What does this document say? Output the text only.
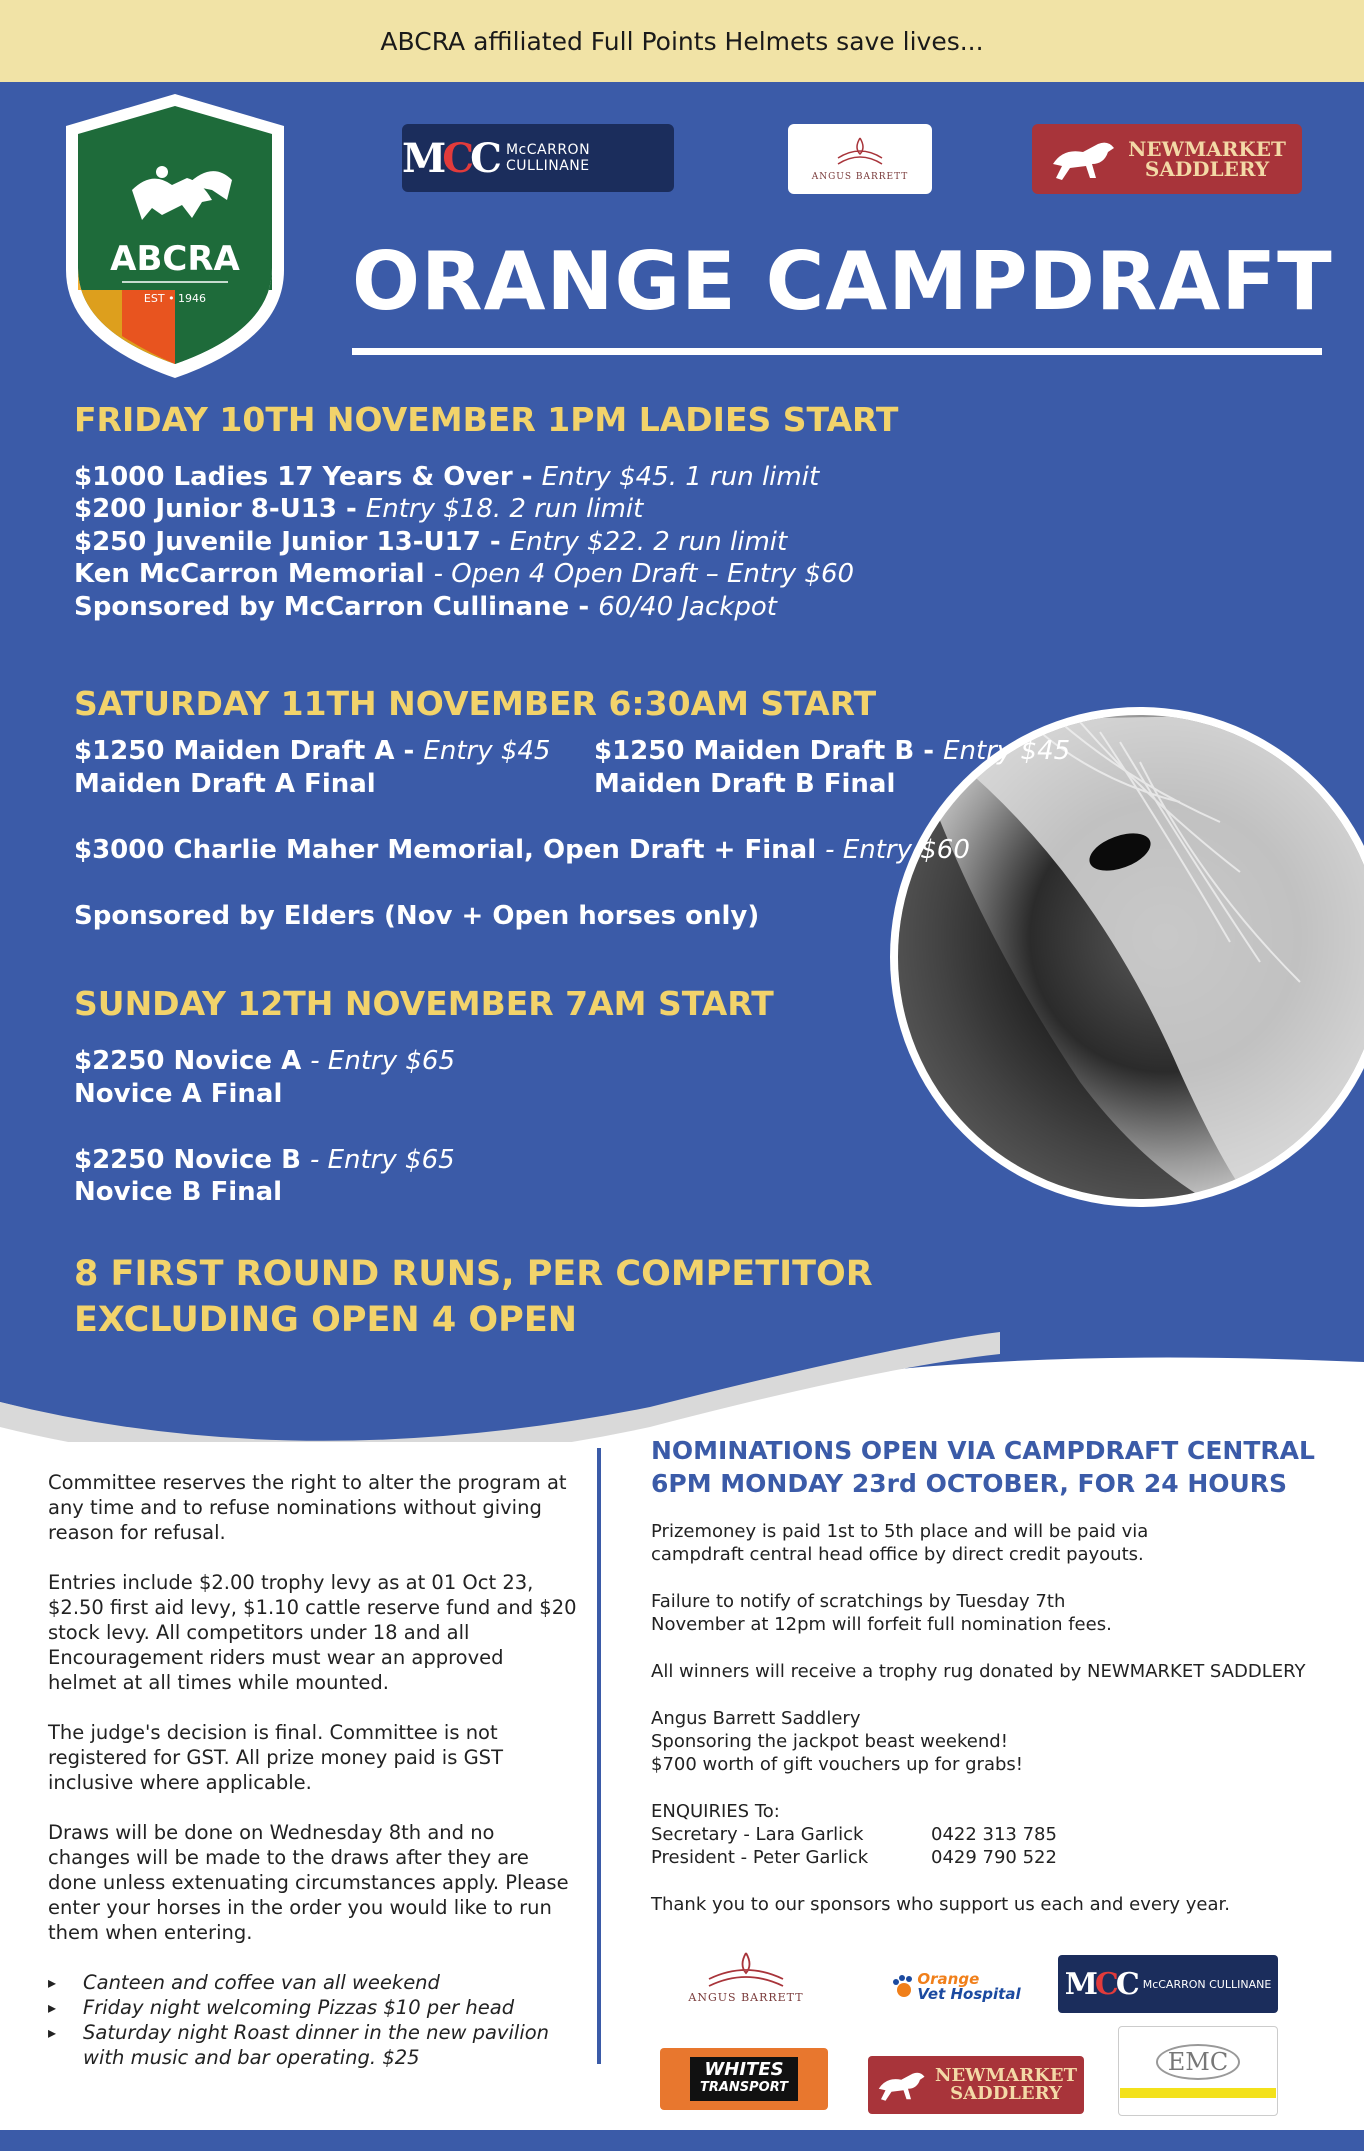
ABCRA affiliated Full Points Helmets save lives...
ABCRA
EST • 1946
MCC McCARRON CULLINANE
ANGUS BARRETT
NEWMARKET
SADDLERY
ORANGE CAMPDRAFT
FRIDAY 10TH NOVEMBER 1PM LADIES START
$1000 Ladies 17 Years & Over - Entry $45. 1 run limit
$200 Junior 8-U13 - Entry $18. 2 run limit
$250 Juvenile Junior 13-U17 - Entry $22. 2 run limit
Ken McCarron Memorial - Open 4 Open Draft – Entry $60
Sponsored by McCarron Cullinane - 60/40 Jackpot
SATURDAY 11TH NOVEMBER 6:30AM START
$1250 Maiden Draft A - Entry $45
Maiden Draft A Final
$1250 Maiden Draft B - Entry $45
Maiden Draft B Final
$3000 Charlie Maher Memorial, Open Draft + Final - Entry $60
Sponsored by Elders (Nov + Open horses only)
SUNDAY 12TH NOVEMBER 7AM START
$2250 Novice A - Entry $65
Novice A Final
$2250 Novice B - Entry $65
Novice B Final
8 FIRST ROUND RUNS, PER COMPETITOR
EXCLUDING OPEN 4 OPEN

Committee reserves the right to alter the program at any time and to refuse nominations without giving reason for refusal.

Entries include $2.00 trophy levy as at 01 Oct 23, $2.50 first aid levy, $1.10 cattle reserve fund and $20 stock levy. All competitors under 18 and all Encouragement riders must wear an approved helmet at all times while mounted.

The judge's decision is final. Committee is not registered for GST. All prize money paid is GST inclusive where applicable.

Draws will be done on Wednesday 8th and no changes will be made to the draws after they are done unless extenuating circumstances apply. Please enter your horses in the order you would like to run them when entering.

▸ Canteen and coffee van all weekend
▸ Friday night welcoming Pizzas $10 per head
▸ Saturday night Roast dinner in the new pavilion with music and bar operating. $25
NOMINATIONS OPEN VIA CAMPDRAFT CENTRAL
6PM MONDAY 23rd OCTOBER, FOR 24 HOURS
Prizemoney is paid 1st to 5th place and will be paid via campdraft central head office by direct credit payouts.
Failure to notify of scratchings by Tuesday 7th November at 12pm will forfeit full nomination fees.
All winners will receive a trophy rug donated by NEWMARKET SADDLERY
Angus Barrett Saddlery
Sponsoring the jackpot beast weekend!
$700 worth of gift vouchers up for grabs!
ENQUIRIES To:
Secretary - Lara Garlick	0422 313 785
President - Peter Garlick	0429 790 522
Thank you to our sponsors who support us each and every year.
ANGUS BARRETT
Orange
Vet Hospital MCC McCARRON CULLINANE
WHITES
TRANSPORT
NEWMARKET
SADDLERY
EMC
